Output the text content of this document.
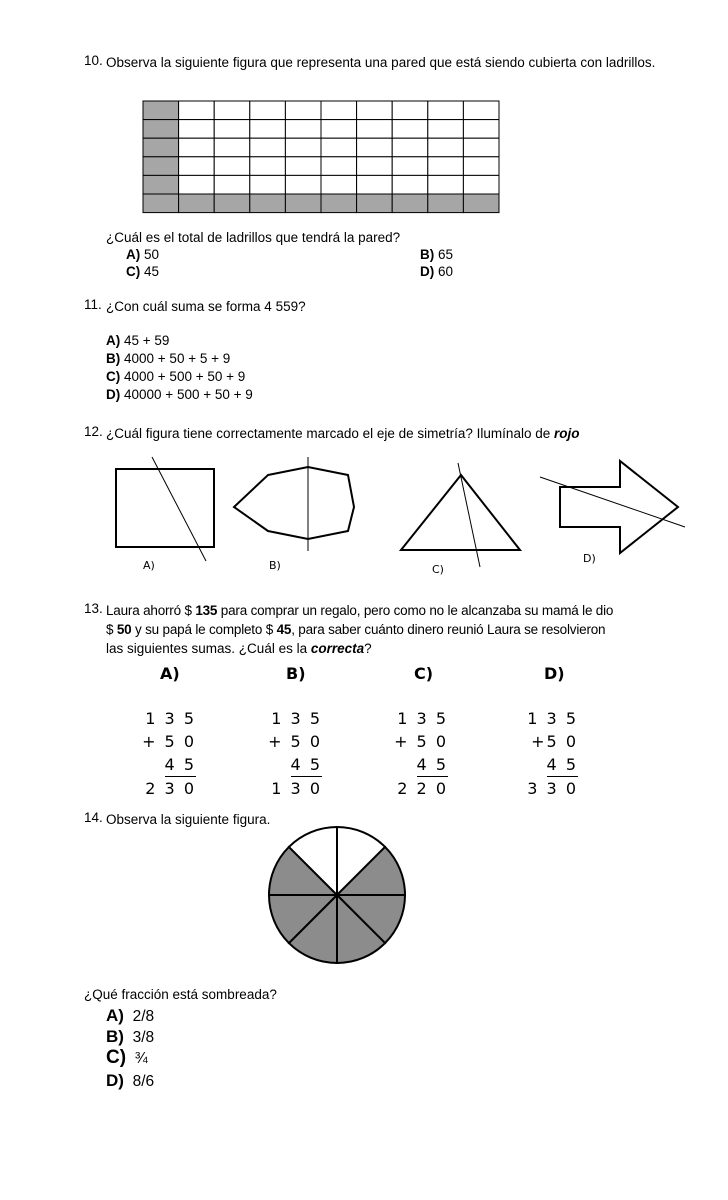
10. Observa la siguiente figura que representa una pared que está siendo cubierta con ladrillos.
¿Cuál es el total de ladrillos que tendrá la pared?
A) 50	B) 65
C) 45	D) 60
11. ¿Con cuál suma se forma 4 559?
A) 45 + 59
B) 4000 + 50 + 5 + 9
C) 4000 + 500 + 50 + 9
D) 40000 + 500 + 50 + 9
12. ¿Cuál figura tiene correctamente marcado el eje de simetría? Ilumínalo de rojo
A)	B)	C)
D)
13. Laura ahorró $ 135 para comprar un regalo, pero como no le alcanzaba su mamá le dio
$ 50 y su papá le completo $ 45, para saber cuánto dinero reunió Laura se resolvieron
las siguientes sumas. ¿Cuál es la correcta?
A)	B)	C)	D)
1 3 5
+ 5 0
4 5
2 3 0
1 3 5
+ 5 0
4 5
1 3 0
1 3 5
+ 5 0
4 5
2 2 0
1 3 5
+5 0
4 5
3 3 0
14. Observa la siguiente figura.
¿Qué fracción está sombreada?
A) 2/8
B) 3/8
C) ¾
D) 8/6
